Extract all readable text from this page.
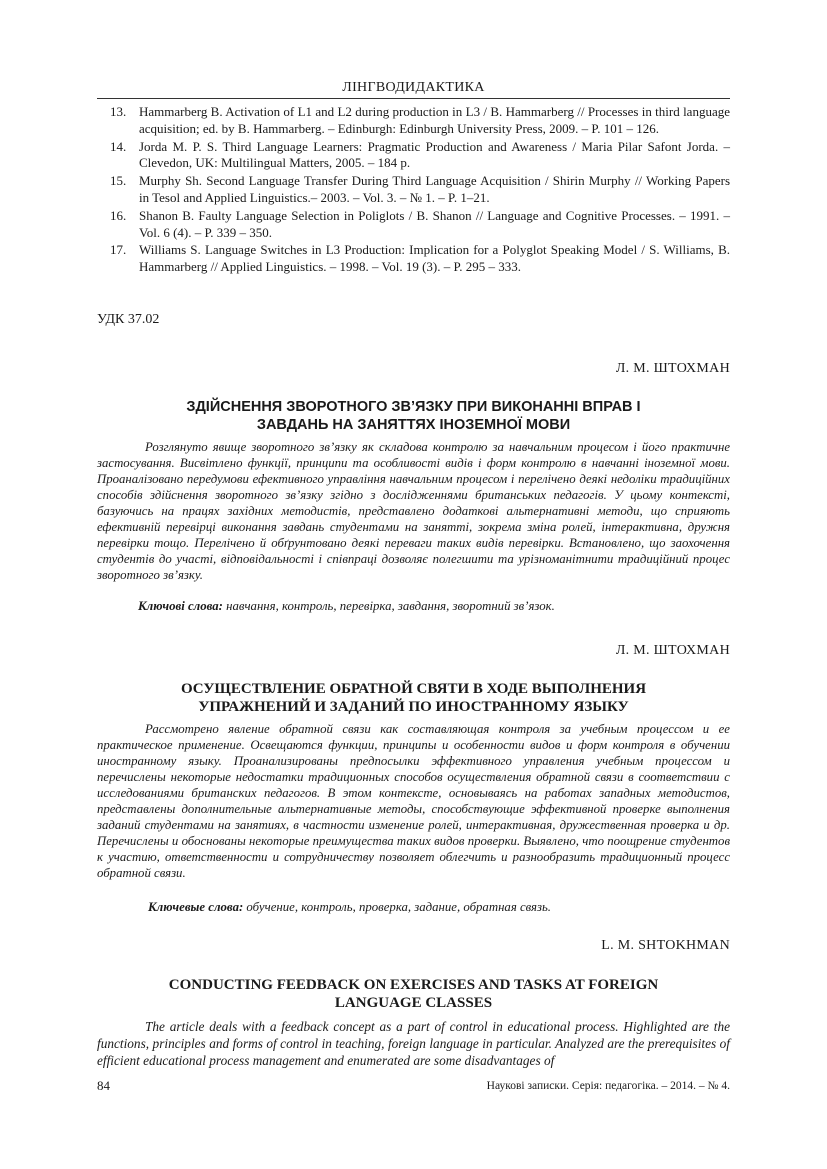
ЛІНГВОДИДАКТИКА
13. Hammarberg B. Activation of L1 and L2 during production in L3 / B. Hammarberg // Processes in third language acquisition; ed. by B. Hammarberg. – Edinburgh: Edinburgh University Press, 2009. – P. 101 – 126.
14. Jorda M. P. S. Third Language Learners: Pragmatic Production and Awareness / Maria Pilar Safont Jorda. – Clevedon, UK: Multilingual Matters, 2005. – 184 p.
15. Murphy Sh. Second Language Transfer During Third Language Acquisition / Shirin Murphy // Working Papers in Tesol and Applied Linguistics.– 2003. – Vol. 3. – № 1. – P. 1–21.
16. Shanon B. Faulty Language Selection in Poliglots / B. Shanon // Language and Cognitive Processes. – 1991. – Vol. 6 (4). – P. 339 – 350.
17. Williams S. Language Switches in L3 Production: Implication for a Polyglot Speaking Model / S. Williams, B. Hammarberg // Applied Linguistics. – 1998. – Vol. 19 (3). – P. 295 – 333.
УДК 37.02
Л. М. ШТОХМАН
ЗДІЙСНЕННЯ ЗВОРОТНОГО ЗВ’ЯЗКУ ПРИ ВИКОНАННІ ВПРАВ І
ЗАВДАНЬ НА ЗАНЯТТЯХ ІНОЗЕМНОЇ МОВИ

Розглянуто явище зворотного зв’язку як складова контролю за навчальним процесом і його практичне застосування. Висвітлено функції, принципи та особливості видів і форм контролю в навчанні іноземної мови. Проаналізовано передумови ефективного управління навчальним процесом і перелічено деякі недоліки традиційних способів здійснення зворотного зв’язку згідно з дослідженнями британських педагогів. У цьому контексті, базуючись на працях західних методистів, представлено додаткові альтернативні методи, що сприяють ефективній перевірці виконання завдань студентами на занятті, зокрема зміна ролей, інтерактивна, дружня перевірки тощо. Перелічено й обґрунтовано деякі переваги таких видів перевірки. Встановлено, що заохочення студентів до участі, відповідальності і співпраці дозволяє полегшити та урізноманітнити традиційний процес зворотного зв’язку.

Ключові слова: навчання, контроль, перевірка, завдання, зворотний зв’язок.
Л. М. ШТОХМАН
ОСУЩЕСТВЛЕНИЕ ОБРАТНОЙ СВЯТИ В ХОДЕ ВЫПОЛНЕНИЯ
УПРАЖНЕНИЙ И ЗАДАНИЙ ПО ИНОСТРАННОМУ ЯЗЫКУ

Рассмотрено явление обратной связи как составляющая контроля за учебным процессом и ее практическое применение. Освещаются функции, принципы и особенности видов и форм контроля в обучении иностранному языку. Проанализированы предпосылки эффективного управления учебным процессом и перечислены некоторые недостатки традиционных способов осуществления обратной связи в соответствии с исследованиями британских педагогов. В этом контексте, основываясь на работах западных методистов, представлены дополнительные альтернативные методы, способствующие эффективной проверке выполнения заданий студентами на занятиях, в частности изменение ролей, интерактивная, дружественная проверка и др. Перечислены и обоснованы некоторые преимущества таких видов проверки. Выявлено, что поощрение студентов к участию, ответственности и сотрудничеству позволяет облегчить и разнообразить традиционный процесс обратной связи.

Ключевые слова: обучение, контроль, проверка, задание, обратная связь.
L. M. SHTOKHMAN
CONDUCTING FEEDBACK ON EXERCISES AND TASKS AT FOREIGN
LANGUAGE CLASSES

The article deals with a feedback concept as a part of control in educational process. Highlighted are the functions, principles and forms of control in teaching, foreign language in particular. Analyzed are the prerequisites of efficient educational process management and enumerated are some disadvantages of

84	Наукові записки. Серія: педагогіка. – 2014. – № 4.
